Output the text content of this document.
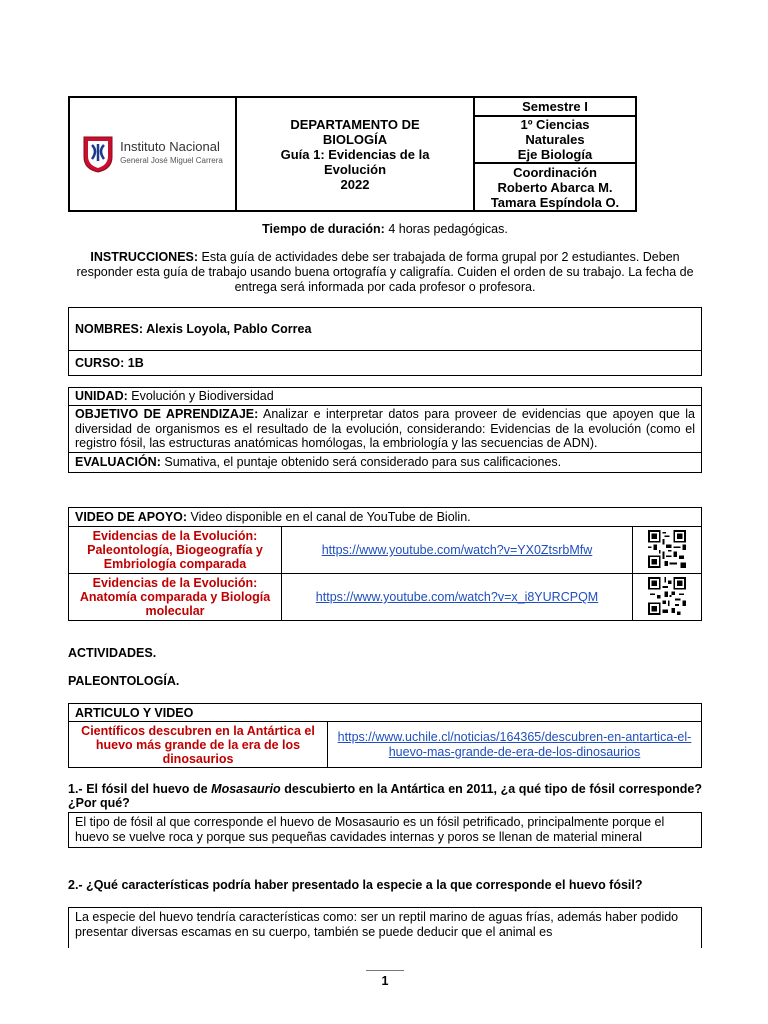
Instituto Nacional
General José Miguel Carrera

DEPARTAMENTO DE
BIOLOGÍA
Guía 1: Evidencias de la
Evolución
2022

Semestre I

1º Ciencias
Naturales
Eje Biología

Coordinación
Roberto Abarca M.
Tamara Espíndola O.
Tiempo de duración: 4 horas pedagógicas.
INSTRUCCIONES: Esta guía de actividades debe ser trabajada de forma grupal por 2 estudiantes. Deben responder esta guía de trabajo usando buena ortografía y caligrafía. Cuiden el orden de su trabajo. La fecha de entrega será informada por cada profesor o profesora.
NOMBRES: Alexis Loyola, Pablo Correa
CURSO: 1B
UNIDAD: Evolución y Biodiversidad
OBJETIVO DE APRENDIZAJE: Analizar e interpretar datos para proveer de evidencias que apoyen que la diversidad de organismos es el resultado de la evolución, considerando: Evidencias de la evolución (como el registro fósil, las estructuras anatómicas homólogas, la embriología y las secuencias de ADN).
EVALUACIÓN: Sumativa, el puntaje obtenido será considerado para sus calificaciones.
VIDEO DE APOYO: Video disponible en el canal de YouTube de Biolin.		
Evidencias de la Evolución: Paleontología, Biogeografía y Embriología comparada	https://www.youtube.com/watch?v=YX0ZtsrbMfw	
Evidencias de la Evolución: Anatomía comparada y Biología molecular	https://www.youtube.com/watch?v=x_i8YURCPQM	
ACTIVIDADES.
PALEONTOLOGÍA.
ARTICULO Y VIDEO
Científicos descubren en la Antártica el huevo más grande de la era de los dinosaurios	https://www.uchile.cl/noticias/164365/descubren-en-antartica-el-huevo-mas-grande-de-era-de-los-dinosaurios
1.- El fósil del huevo de Mosasaurio descubierto en la Antártica en 2011, ¿a qué tipo de fósil corresponde? ¿Por qué?
El tipo de fósil al que corresponde el huevo de Mosasaurio es un fósil petrificado, principalmente porque el huevo se vuelve roca y porque sus pequeñas cavidades internas y poros se llenan de material mineral
2.- ¿Qué características podría haber presentado la especie a la que corresponde el huevo fósil?
La especie del huevo tendría características como: ser un reptil marino de aguas frías, además haber podido presentar diversas escamas en su cuerpo, también se puede deducir que el animal es
1
